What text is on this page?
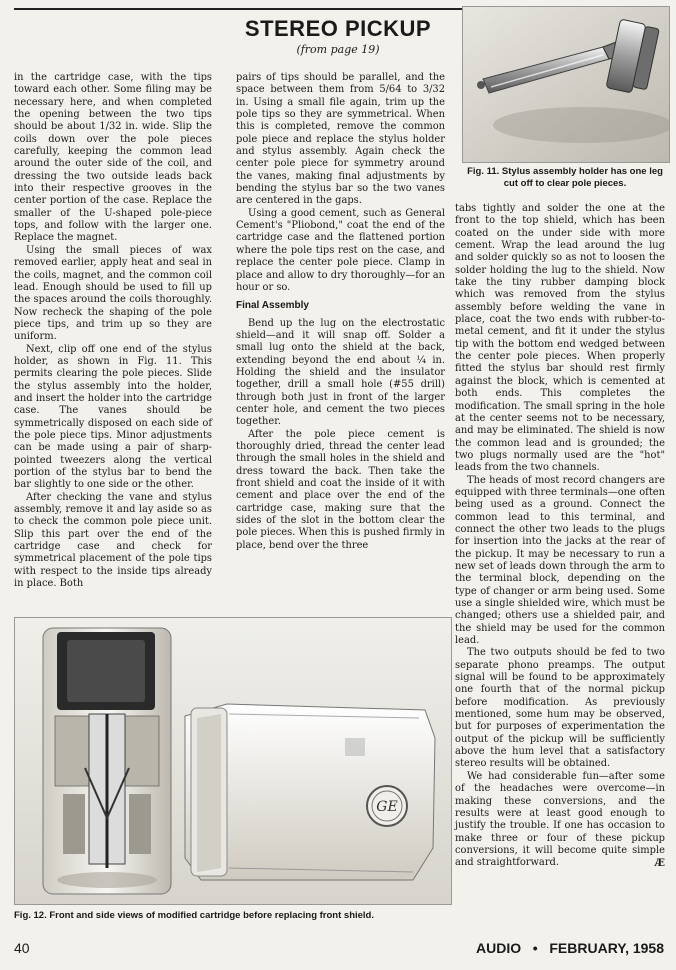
STEREO PICKUP
(from page 19)

in the cartridge case, with the tips toward each other. Some filing may be necessary here, and when completed the opening between the two tips should be about 1/32 in. wide. Slip the coils down over the pole pieces carefully, keeping the common lead around the outer side of the coil, and dressing the two outside leads back into their respective grooves in the center portion of the case. Replace the smaller of the U-shaped pole-piece tops, and follow with the larger one. Replace the magnet.

Using the small pieces of wax removed earlier, apply heat and seal in the coils, magnet, and the common coil lead. Enough should be used to fill up the spaces around the coils thoroughly. Now recheck the shaping of the pole piece tips, and trim up so they are uniform.

Next, clip off one end of the stylus holder, as shown in Fig. 11. This permits clearing the pole pieces. Slide the stylus assembly into the holder, and insert the holder into the cartridge case. The vanes should be symmetrically disposed on each side of the pole piece tips. Minor adjustments can be made using a pair of sharp-pointed tweezers along the vertical portion of the stylus bar to bend the bar slightly to one side or the other.

After checking the vane and stylus assembly, remove it and lay aside so as to check the common pole piece unit. Slip this part over the end of the cartridge case and check for symmetrical placement of the pole tips with respect to the inside tips already in place. Both

pairs of tips should be parallel, and the space between them from 5/64 to 3/32 in. Using a small file again, trim up the pole tips so they are symmetrical. When this is completed, remove the common pole piece and replace the stylus holder and stylus assembly. Again check the center pole piece for symmetry around the vanes, making final adjustments by bending the stylus bar so the two vanes are centered in the gaps.

Using a good cement, such as General Cement's "Pliobond," coat the end of the cartridge case and the flattened portion where the pole tips rest on the case, and replace the center pole piece. Clamp in place and allow to dry thoroughly—for an hour or so.

Final Assembly

Bend up the lug on the electrostatic shield—and it will snap off. Solder a small lug onto the shield at the back, extending beyond the end about ¼ in. Holding the shield and the insulator together, drill a small hole (#55 drill) through both just in front of the larger center hole, and cement the two pieces together.

After the pole piece cement is thoroughly dried, thread the center lead through the small holes in the shield and dress toward the back. Then take the front shield and coat the inside of it with cement and place over the end of the cartridge case, making sure that the sides of the slot in the bottom clear the pole pieces. When this is pushed firmly in place, bend over the three

Fig. 11. Stylus assembly holder has one leg cut off to clear pole pieces.

tabs tightly and solder the one at the front to the top shield, which has been coated on the under side with more cement. Wrap the lead around the lug and solder quickly so as not to loosen the solder holding the lug to the shield. Now take the tiny rubber damping block which was removed from the stylus assembly before welding the vane in place, coat the two ends with rubber-to-metal cement, and fit it under the stylus tip with the bottom end wedged between the center pole pieces. When properly fitted the stylus bar should rest firmly against the block, which is cemented at both ends. This completes the modification. The small spring in the hole at the center seems not to be necessary, and may be eliminated. The shield is now the common lead and is grounded; the two plugs normally used are the "hot" leads from the two channels.

The heads of most record changers are equipped with three terminals—one often being used as a ground. Connect the common lead to this terminal, and connect the other two leads to the plugs for insertion into the jacks at the rear of the pickup. It may be necessary to run a new set of leads down through the arm to the terminal block, depending on the type of changer or arm being used. Some use a single shielded wire, which must be changed; others use a shielded pair, and the shield may be used for the common lead.

The two outputs should be fed to two separate phono preamps. The output signal will be found to be approximately one fourth that of the normal pickup before modification. As previously mentioned, some hum may be observed, but for purposes of experimentation the output of the pickup will be sufficiently above the hum level that a satisfactory stereo results will be obtained.

We had considerable fun—after some of the headaches were overcome—in making these conversions, and the results were at least good enough to justify the trouble. If one has occasion to make three or four of these pickup conversions, it will become quite simple and straightforward.	Æ
GE
Fig. 12. Front and side views of modified cartridge before replacing front shield.
40	AUDIO   •   FEBRUARY, 1958
